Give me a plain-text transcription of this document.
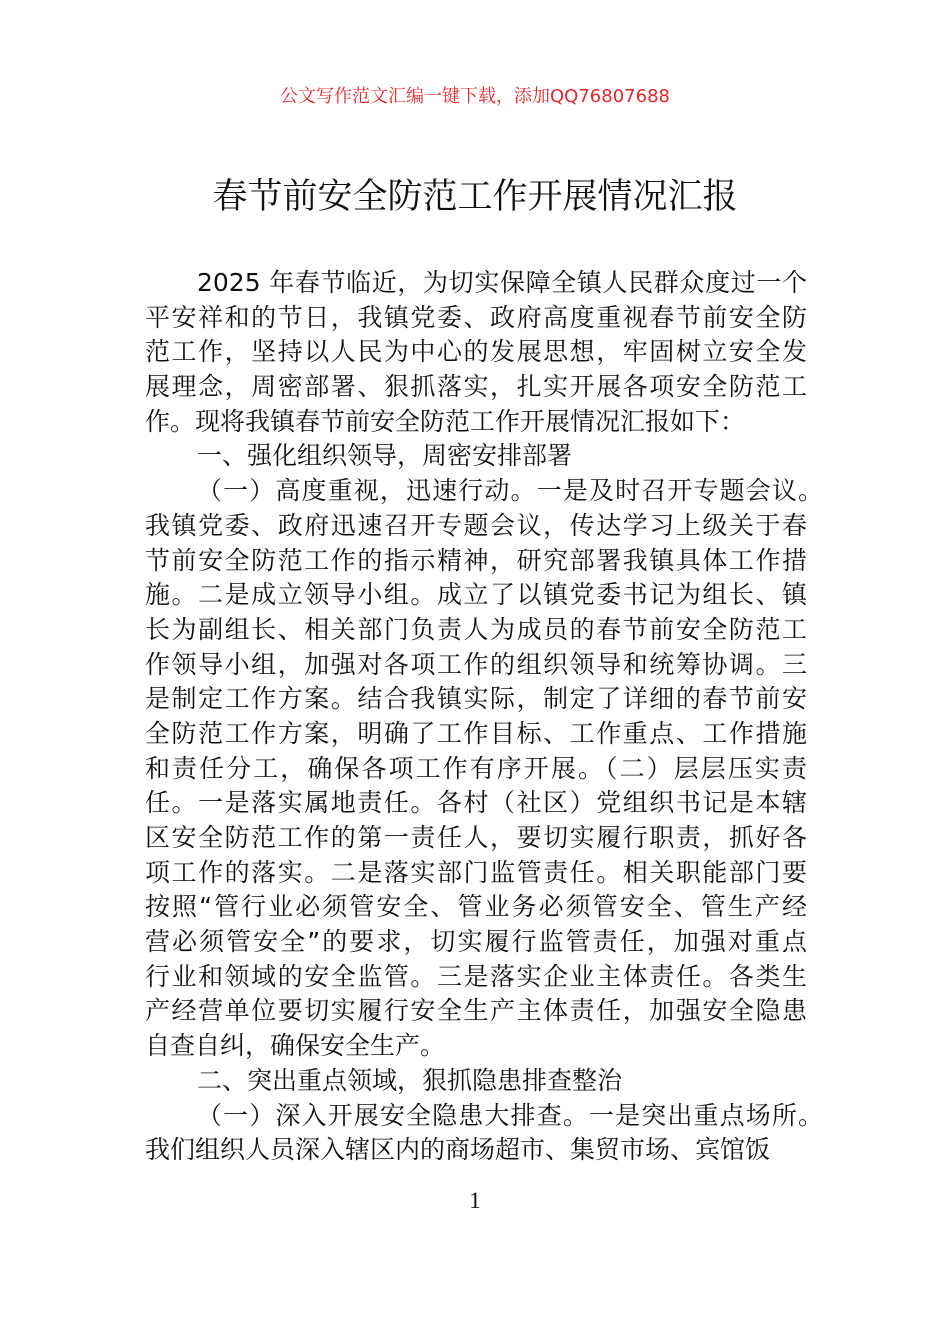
公文写作范文汇编一键下载，添加QQ76807688
春节前安全防范工作开展情况汇报
2025 年春节临近，为切实保障全镇人民群众度过一个
平安祥和的节日，我镇党委、政府高度重视春节前安全防
范工作，坚持以人民为中心的发展思想，牢固树立安全发
展理念，周密部署、狠抓落实，扎实开展各项安全防范工
作。现将我镇春节前安全防范工作开展情况汇报如下：
一、强化组织领导，周密安排部署
（一）高度重视，迅速行动。一是及时召开专题会议。
我镇党委、政府迅速召开专题会议，传达学习上级关于春
节前安全防范工作的指示精神，研究部署我镇具体工作措
施。二是成立领导小组。成立了以镇党委书记为组长、镇
长为副组长、相关部门负责人为成员的春节前安全防范工
作领导小组，加强对各项工作的组织领导和统筹协调。三
是制定工作方案。结合我镇实际，制定了详细的春节前安
全防范工作方案，明确了工作目标、工作重点、工作措施
和责任分工，确保各项工作有序开展。（二）层层压实责
任。一是落实属地责任。各村（社区）党组织书记是本辖
区安全防范工作的第一责任人，要切实履行职责，抓好各
项工作的落实。二是落实部门监管责任。相关职能部门要
按照“管行业必须管安全、管业务必须管安全、管生产经
营必须管安全”的要求，切实履行监管责任，加强对重点
行业和领域的安全监管。三是落实企业主体责任。各类生
产经营单位要切实履行安全生产主体责任，加强安全隐患
自查自纠，确保安全生产。
二、突出重点领域，狠抓隐患排查整治
（一）深入开展安全隐患大排查。一是突出重点场所。
我们组织人员深入辖区内的商场超市、集贸市场、宾馆饭
1
